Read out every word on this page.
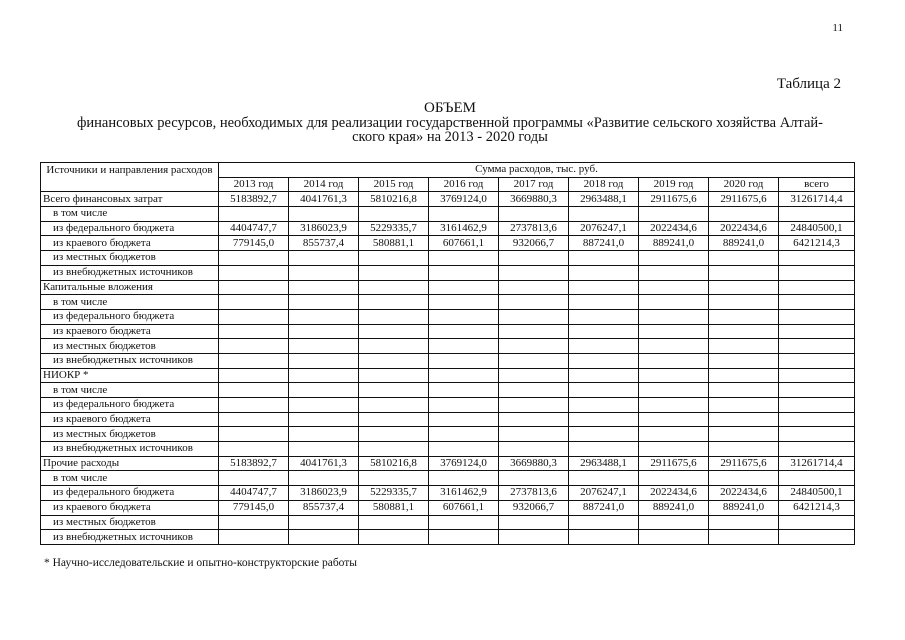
11
Таблица 2
ОБЪЕМ
финансовых ресурсов, необходимых для реализации государственной программы «Развитие сельского хозяйства Алтай-
ского края» на 2013 - 2020 годы
Источники и направления расходов	Сумма расходов, тыс. руб.								
	2013 год	2014 год	2015 год	2016 год	2017 год	2018 год	2019 год	2020 год	всего
Всего финансовых затрат	5183892,7	4041761,3	5810216,8	3769124,0	3669880,3	2963488,1	2911675,6	2911675,6	31261714,4
в том числе									
из федерального бюджета	4404747,7	3186023,9	5229335,7	3161462,9	2737813,6	2076247,1	2022434,6	2022434,6	24840500,1
из краевого бюджета	779145,0	855737,4	580881,1	607661,1	932066,7	887241,0	889241,0	889241,0	6421214,3
из местных бюджетов									
из внебюджетных источников									
Капитальные вложения									
в том числе									
из федерального бюджета									
из краевого бюджета									
из местных бюджетов									
из внебюджетных источников									
НИОКР *									
в том числе									
из федерального бюджета									
из краевого бюджета									
из местных бюджетов									
из внебюджетных источников									
Прочие расходы	5183892,7	4041761,3	5810216,8	3769124,0	3669880,3	2963488,1	2911675,6	2911675,6	31261714,4
в том числе									
из федерального бюджета	4404747,7	3186023,9	5229335,7	3161462,9	2737813,6	2076247,1	2022434,6	2022434,6	24840500,1
из краевого бюджета	779145,0	855737,4	580881,1	607661,1	932066,7	887241,0	889241,0	889241,0	6421214,3
из местных бюджетов									
из внебюджетных источников									
* Научно-исследовательские и опытно-конструкторские работы
